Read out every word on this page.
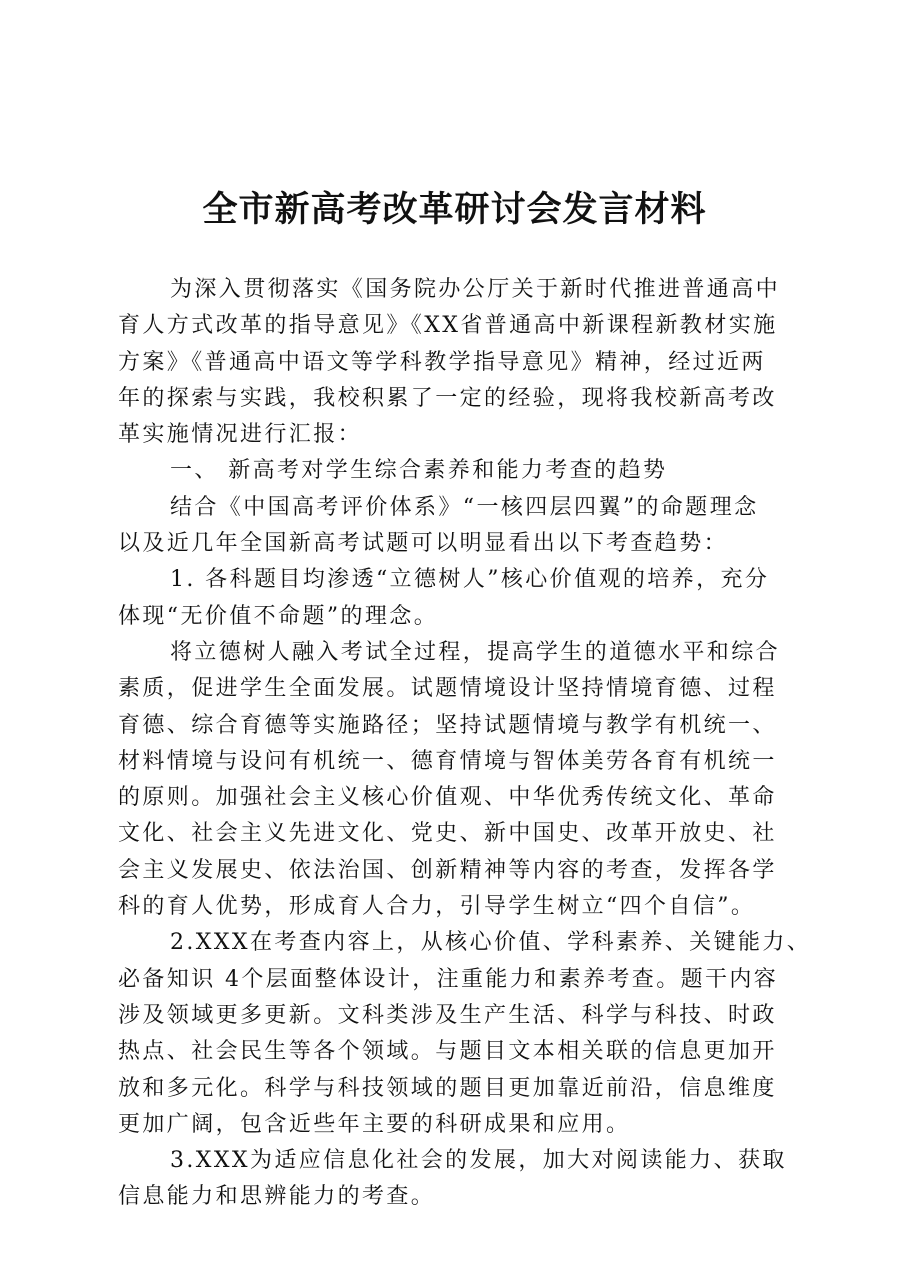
全市新高考改革研讨会发言材料
为深入贯彻落实《国务院办公厅关于新时代推进普通高中
育人方式改革的指导意见》《XX省普通高中新课程新教材实施
方案》《普通高中语文等学科教学指导意见》精神，经过近两
年的探索与实践，我校积累了一定的经验，现将我校新高考改
革实施情况进行汇报：
一、 新高考对学生综合素养和能力考查的趋势
结合《中国高考评价体系》“一核四层四翼”的命题理念
以及近几年全国新高考试题可以明显看出以下考查趋势：
1. 各科题目均渗透“立德树人”核心价值观的培养，充分
体现“无价值不命题”的理念。
将立德树人融入考试全过程，提高学生的道德水平和综合
素质，促进学生全面发展。试题情境设计坚持情境育德、过程
育德、综合育德等实施路径；坚持试题情境与教学有机统一、
材料情境与设问有机统一、德育情境与智体美劳各育有机统一
的原则。加强社会主义核心价值观、中华优秀传统文化、革命
文化、社会主义先进文化、党史、新中国史、改革开放史、社
会主义发展史、依法治国、创新精神等内容的考查，发挥各学
科的育人优势，形成育人合力，引导学生树立“四个自信”。
2.XXX在考查内容上，从核心价值、学科素养、关键能力、
必备知识 4个层面整体设计，注重能力和素养考查。题干内容
涉及领域更多更新。文科类涉及生产生活、科学与科技、时政
热点、社会民生等各个领域。与题目文本相关联的信息更加开
放和多元化。科学与科技领域的题目更加靠近前沿，信息维度
更加广阔，包含近些年主要的科研成果和应用。
3.XXX为适应信息化社会的发展，加大对阅读能力、获取
信息能力和思辨能力的考查。
